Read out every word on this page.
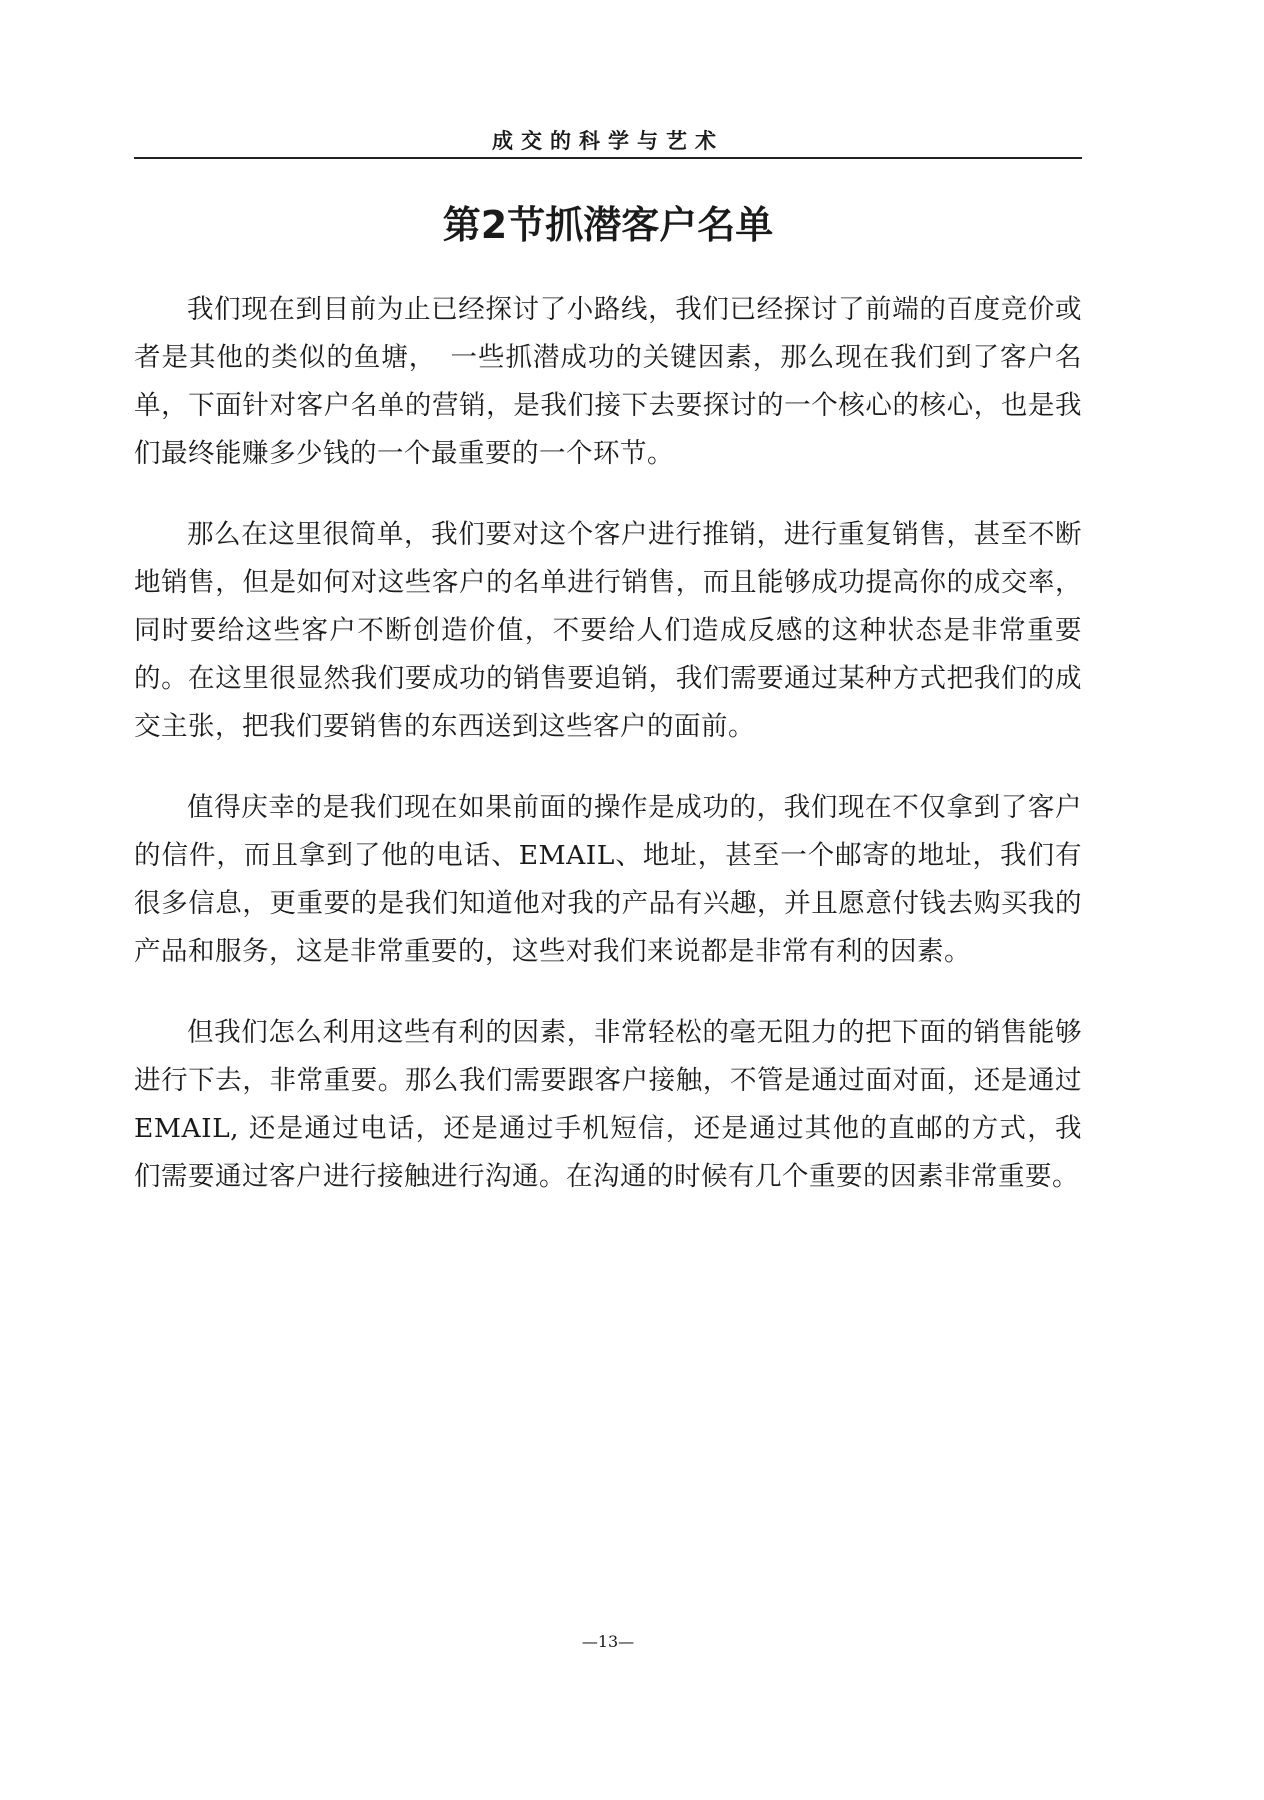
成交的科学与艺术
第2节抓潜客户名单

我们现在到目前为止已经探讨了小路线，我们已经探讨了前端的百度竞价或者是其他的类似的鱼塘，　一些抓潜成功的关键因素，那么现在我们到了客户名单，下面针对客户名单的营销，是我们接下去要探讨的一个核心的核心，也是我们最终能赚多少钱的一个最重要的一个环节。

那么在这里很简单，我们要对这个客户进行推销，进行重复销售，甚至不断地销售，但是如何对这些客户的名单进行销售，而且能够成功提高你的成交率，同时要给这些客户不断创造价值，不要给人们造成反感的这种状态是非常重要的。在这里很显然我们要成功的销售要追销，我们需要通过某种方式把我们的成交主张，把我们要销售的东西送到这些客户的面前。

值得庆幸的是我们现在如果前面的操作是成功的，我们现在不仅拿到了客户的信件，而且拿到了他的电话、EMAIL、地址，甚至一个邮寄的地址，我们有很多信息，更重要的是我们知道他对我的产品有兴趣，并且愿意付钱去购买我的产品和服务，这是非常重要的，这些对我们来说都是非常有利的因素。

但我们怎么利用这些有利的因素，非常轻松的毫无阻力的把下面的销售能够进行下去，非常重要。那么我们需要跟客户接触，不管是通过面对面，还是通过EMAIL, 还是通过电话，还是通过手机短信，还是通过其他的直邮的方式，我们需要通过客户进行接触进行沟通。在沟通的时候有几个重要的因素非常重要。

—13—
